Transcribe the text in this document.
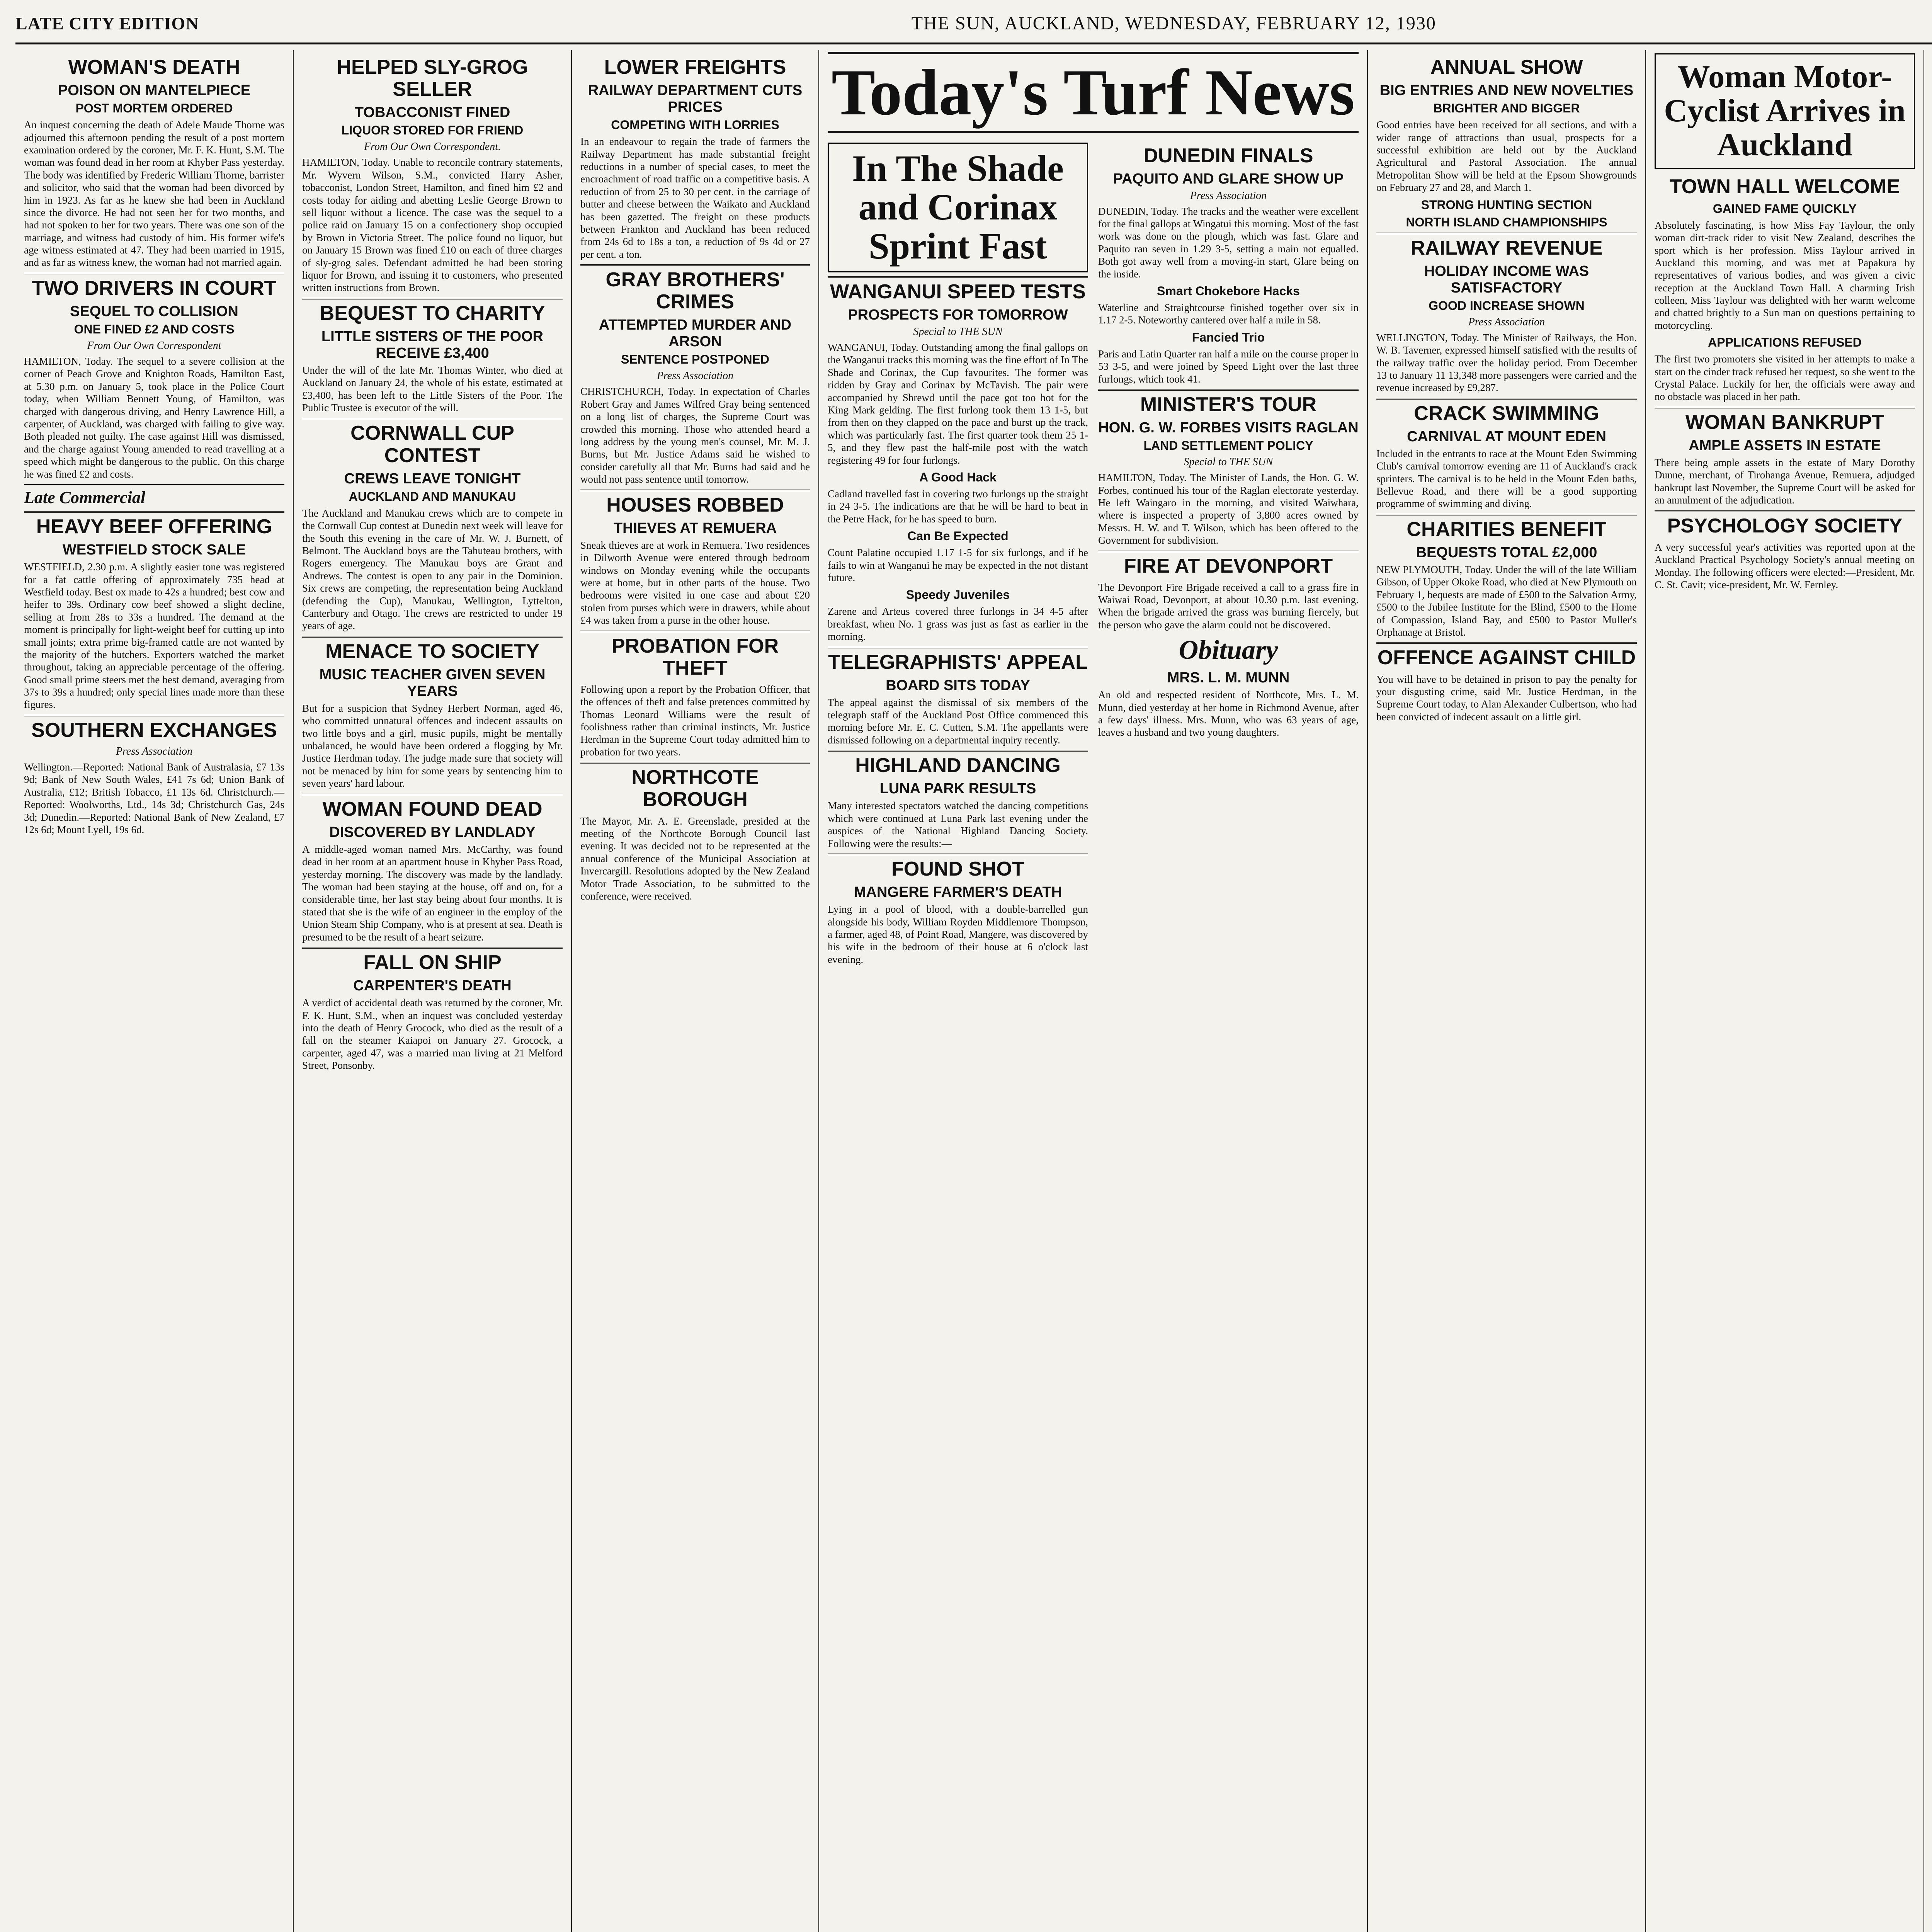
LATE CITY EDITION	THE SUN, AUCKLAND, WEDNESDAY, FEBRUARY 12, 1930
WOMAN'S DEATH
POISON ON MANTELPIECE
POST MORTEM ORDERED

An inquest concerning the death of Adele Maude Thorne was adjourned this afternoon pending the result of a post mortem examination ordered by the coroner, Mr. F. K. Hunt, S.M. The woman was found dead in her room at Khyber Pass yesterday. The body was identified by Frederic William Thorne, barrister and solicitor, who said that the woman had been divorced by him in 1923. As far as he knew she had been in Auckland since the divorce. He had not seen her for two months, and had not spoken to her for two years. There was one son of the marriage, and witness had custody of him. His former wife's age witness estimated at 47. They had been married in 1915, and as far as witness knew, the woman had not married again.

TWO DRIVERS IN COURT
SEQUEL TO COLLISION
ONE FINED £2 AND COSTS
From Our Own Correspondent

HAMILTON, Today. The sequel to a severe collision at the corner of Peach Grove and Knighton Roads, Hamilton East, at 5.30 p.m. on January 5, took place in the Police Court today, when William Bennett Young, of Hamilton, was charged with dangerous driving, and Henry Lawrence Hill, a carpenter, of Auckland, was charged with failing to give way. Both pleaded not guilty. The case against Hill was dismissed, and the charge against Young amended to read travelling at a speed which might be dangerous to the public. On this charge he was fined £2 and costs.

Late Commercial
HEAVY BEEF OFFERING
WESTFIELD STOCK SALE

WESTFIELD, 2.30 p.m. A slightly easier tone was registered for a fat cattle offering of approximately 735 head at Westfield today. Best ox made to 42s a hundred; best cow and heifer to 39s. Ordinary cow beef showed a slight decline, selling at from 28s to 33s a hundred. The demand at the moment is principally for light-weight beef for cutting up into small joints; extra prime big-framed cattle are not wanted by the majority of the butchers. Exporters watched the market throughout, taking an appreciable percentage of the offering. Good small prime steers met the best demand, averaging from 37s to 39s a hundred; only special lines made more than these figures.

SOUTHERN EXCHANGES
Press Association

Wellington.—Reported: National Bank of Australasia, £7 13s 9d; Bank of New South Wales, £41 7s 6d; Union Bank of Australia, £12; British Tobacco, £1 13s 6d. Christchurch.—Reported: Woolworths, Ltd., 14s 3d; Christchurch Gas, 24s 3d; Dunedin.—Reported: National Bank of New Zealand, £7 12s 6d; Mount Lyell, 19s 6d.

HELPED SLY-GROG SELLER
TOBACCONIST FINED
LIQUOR STORED FOR FRIEND
From Our Own Correspondent.

HAMILTON, Today. Unable to reconcile contrary statements, Mr. Wyvern Wilson, S.M., convicted Harry Asher, tobacconist, London Street, Hamilton, and fined him £2 and costs today for aiding and abetting Leslie George Brown to sell liquor without a licence. The case was the sequel to a police raid on January 15 on a confectionery shop occupied by Brown in Victoria Street. The police found no liquor, but on January 15 Brown was fined £10 on each of three charges of sly-grog sales. Defendant admitted he had been storing liquor for Brown, and issuing it to customers, who presented written instructions from Brown.

BEQUEST TO CHARITY
LITTLE SISTERS OF THE POOR RECEIVE £3,400

Under the will of the late Mr. Thomas Winter, who died at Auckland on January 24, the whole of his estate, estimated at £3,400, has been left to the Little Sisters of the Poor. The Public Trustee is executor of the will.

CORNWALL CUP CONTEST
CREWS LEAVE TONIGHT
AUCKLAND AND MANUKAU

The Auckland and Manukau crews which are to compete in the Cornwall Cup contest at Dunedin next week will leave for the South this evening in the care of Mr. W. J. Burnett, of Belmont. The Auckland boys are the Tahuteau brothers, with Rogers emergency. The Manukau boys are Grant and Andrews. The contest is open to any pair in the Dominion. Six crews are competing, the representation being Auckland (defending the Cup), Manukau, Wellington, Lyttelton, Canterbury and Otago. The crews are restricted to under 19 years of age.

MENACE TO SOCIETY
MUSIC TEACHER GIVEN SEVEN YEARS

But for a suspicion that Sydney Herbert Norman, aged 46, who committed unnatural offences and indecent assaults on two little boys and a girl, music pupils, might be mentally unbalanced, he would have been ordered a flogging by Mr. Justice Herdman today. The judge made sure that society will not be menaced by him for some years by sentencing him to seven years' hard labour.

WOMAN FOUND DEAD
DISCOVERED BY LANDLADY

A middle-aged woman named Mrs. McCarthy, was found dead in her room at an apartment house in Khyber Pass Road, yesterday morning. The discovery was made by the landlady. The woman had been staying at the house, off and on, for a considerable time, her last stay being about four months. It is stated that she is the wife of an engineer in the employ of the Union Steam Ship Company, who is at present at sea. Death is presumed to be the result of a heart seizure.

FALL ON SHIP
CARPENTER'S DEATH

A verdict of accidental death was returned by the coroner, Mr. F. K. Hunt, S.M., when an inquest was concluded yesterday into the death of Henry Grocock, who died as the result of a fall on the steamer Kaiapoi on January 27. Grocock, a carpenter, aged 47, was a married man living at 21 Melford Street, Ponsonby.

LOWER FREIGHTS
RAILWAY DEPARTMENT CUTS PRICES
COMPETING WITH LORRIES

In an endeavour to regain the trade of farmers the Railway Department has made substantial freight reductions in a number of special cases, to meet the encroachment of road traffic on a competitive basis. A reduction of from 25 to 30 per cent. in the carriage of butter and cheese between the Waikato and Auckland has been gazetted. The freight on these products between Frankton and Auckland has been reduced from 24s 6d to 18s a ton, a reduction of 9s 4d or 27 per cent. a ton.

GRAY BROTHERS' CRIMES
ATTEMPTED MURDER AND ARSON
SENTENCE POSTPONED
Press Association

CHRISTCHURCH, Today. In expectation of Charles Robert Gray and James Wilfred Gray being sentenced on a long list of charges, the Supreme Court was crowded this morning. Those who attended heard a long address by the young men's counsel, Mr. M. J. Burns, but Mr. Justice Adams said he wished to consider carefully all that Mr. Burns had said and he would not pass sentence until tomorrow.

HOUSES ROBBED
THIEVES AT REMUERA

Sneak thieves are at work in Remuera. Two residences in Dilworth Avenue were entered through bedroom windows on Monday evening while the occupants were at home, but in other parts of the house. Two bedrooms were visited in one case and about £20 stolen from purses which were in drawers, while about £4 was taken from a purse in the other house.

PROBATION FOR THEFT

Following upon a report by the Probation Officer, that the offences of theft and false pretences committed by Thomas Leonard Williams were the result of foolishness rather than criminal instincts, Mr. Justice Herdman in the Supreme Court today admitted him to probation for two years.

NORTHCOTE BOROUGH

The Mayor, Mr. A. E. Greenslade, presided at the meeting of the Northcote Borough Council last evening. It was decided not to be represented at the annual conference of the Municipal Association at Invercargill. Resolutions adopted by the New Zealand Motor Trade Association, to be submitted to the conference, were received.

Today's Turf News
In The Shade and Corinax Sprint Fast
WANGANUI SPEED TESTS
PROSPECTS FOR TOMORROW
Special to THE SUN

WANGANUI, Today. Outstanding among the final gallops on the Wanganui tracks this morning was the fine effort of In The Shade and Corinax, the Cup favourites. The former was ridden by Gray and Corinax by McTavish. The pair were accompanied by Shrewd until the pace got too hot for the King Mark gelding. The first furlong took them 13 1-5, but from then on they clapped on the pace and burst up the track, which was particularly fast. The first quarter took them 25 1-5, and they flew past the half-mile post with the watch registering 49 for four furlongs.

A Good Hack

Cadland travelled fast in covering two furlongs up the straight in 24 3-5. The indications are that he will be hard to beat in the Petre Hack, for he has speed to burn.

Can Be Expected

Count Palatine occupied 1.17 1-5 for six furlongs, and if he fails to win at Wanganui he may be expected in the not distant future.

Speedy Juveniles

Zarene and Arteus covered three furlongs in 34 4-5 after breakfast, when No. 1 grass was just as fast as earlier in the morning.

TELEGRAPHISTS' APPEAL
BOARD SITS TODAY

The appeal against the dismissal of six members of the telegraph staff of the Auckland Post Office commenced this morning before Mr. E. C. Cutten, S.M. The appellants were dismissed following on a departmental inquiry recently.

HIGHLAND DANCING
LUNA PARK RESULTS

Many interested spectators watched the dancing competitions which were continued at Luna Park last evening under the auspices of the National Highland Dancing Society. Following were the results:—

FOUND SHOT
MANGERE FARMER'S DEATH

Lying in a pool of blood, with a double-barrelled gun alongside his body, William Royden Middlemore Thompson, a farmer, aged 48, of Point Road, Mangere, was discovered by his wife in the bedroom of their house at 6 o'clock last evening.

DUNEDIN FINALS
PAQUITO AND GLARE SHOW UP
Press Association

DUNEDIN, Today. The tracks and the weather were excellent for the final gallops at Wingatui this morning. Most of the fast work was done on the plough, which was fast. Glare and Paquito ran seven in 1.29 3-5, setting a main not equalled. Both got away well from a moving-in start, Glare being on the inside.

Smart Chokebore Hacks

Waterline and Straightcourse finished together over six in 1.17 2-5. Noteworthy cantered over half a mile in 58.

Fancied Trio

Paris and Latin Quarter ran half a mile on the course proper in 53 3-5, and were joined by Speed Light over the last three furlongs, which took 41.

MINISTER'S TOUR
HON. G. W. FORBES VISITS RAGLAN
LAND SETTLEMENT POLICY
Special to THE SUN

HAMILTON, Today. The Minister of Lands, the Hon. G. W. Forbes, continued his tour of the Raglan electorate yesterday. He left Waingaro in the morning, and visited Waiwhara, where is inspected a property of 3,800 acres owned by Messrs. H. W. and T. Wilson, which has been offered to the Government for subdivision.

FIRE AT DEVONPORT

The Devonport Fire Brigade received a call to a grass fire in Waiwai Road, Devonport, at about 10.30 p.m. last evening. When the brigade arrived the grass was burning fiercely, but the person who gave the alarm could not be discovered.

Obituary
MRS. L. M. MUNN

An old and respected resident of Northcote, Mrs. L. M. Munn, died yesterday at her home in Richmond Avenue, after a few days' illness. Mrs. Munn, who was 63 years of age, leaves a husband and two young daughters.

ANNUAL SHOW
BIG ENTRIES AND NEW NOVELTIES
BRIGHTER AND BIGGER

Good entries have been received for all sections, and with a wider range of attractions than usual, prospects for a successful exhibition are held out by the Auckland Agricultural and Pastoral Association. The annual Metropolitan Show will be held at the Epsom Showgrounds on February 27 and 28, and March 1.

STRONG HUNTING SECTION
NORTH ISLAND CHAMPIONSHIPS
RAILWAY REVENUE
HOLIDAY INCOME WAS SATISFACTORY
GOOD INCREASE SHOWN
Press Association

WELLINGTON, Today. The Minister of Railways, the Hon. W. B. Taverner, expressed himself satisfied with the results of the railway traffic over the holiday period. From December 13 to January 11 13,348 more passengers were carried and the revenue increased by £9,287.

CRACK SWIMMING
CARNIVAL AT MOUNT EDEN

Included in the entrants to race at the Mount Eden Swimming Club's carnival tomorrow evening are 11 of Auckland's crack sprinters. The carnival is to be held in the Mount Eden baths, Bellevue Road, and there will be a good supporting programme of swimming and diving.

CHARITIES BENEFIT
BEQUESTS TOTAL £2,000

NEW PLYMOUTH, Today. Under the will of the late William Gibson, of Upper Okoke Road, who died at New Plymouth on February 1, bequests are made of £500 to the Salvation Army, £500 to the Jubilee Institute for the Blind, £500 to the Home of Compassion, Island Bay, and £500 to Pastor Muller's Orphanage at Bristol.

OFFENCE AGAINST CHILD

You will have to be detained in prison to pay the penalty for your disgusting crime, said Mr. Justice Herdman, in the Supreme Court today, to Alan Alexander Culbertson, who had been convicted of indecent assault on a little girl.

Woman Motor-Cyclist Arrives in Auckland
TOWN HALL WELCOME
GAINED FAME QUICKLY

Absolutely fascinating, is how Miss Fay Taylour, the only woman dirt-track rider to visit New Zealand, describes the sport which is her profession. Miss Taylour arrived in Auckland this morning, and was met at Papakura by representatives of various bodies, and was given a civic reception at the Auckland Town Hall. A charming Irish colleen, Miss Taylour was delighted with her warm welcome and chatted brightly to a Sun man on questions pertaining to motorcycling.

APPLICATIONS REFUSED

The first two promoters she visited in her attempts to make a start on the cinder track refused her request, so she went to the Crystal Palace. Luckily for her, the officials were away and no obstacle was placed in her path.

WOMAN BANKRUPT
AMPLE ASSETS IN ESTATE

There being ample assets in the estate of Mary Dorothy Dunne, merchant, of Tirohanga Avenue, Remuera, adjudged bankrupt last November, the Supreme Court will be asked for an annulment of the adjudication.

PSYCHOLOGY SOCIETY

A very successful year's activities was reported upon at the Auckland Practical Psychology Society's annual meeting on Monday. The following officers were elected:—President, Mr. C. St. Cavit; vice-president, Mr. W. Fernley.
